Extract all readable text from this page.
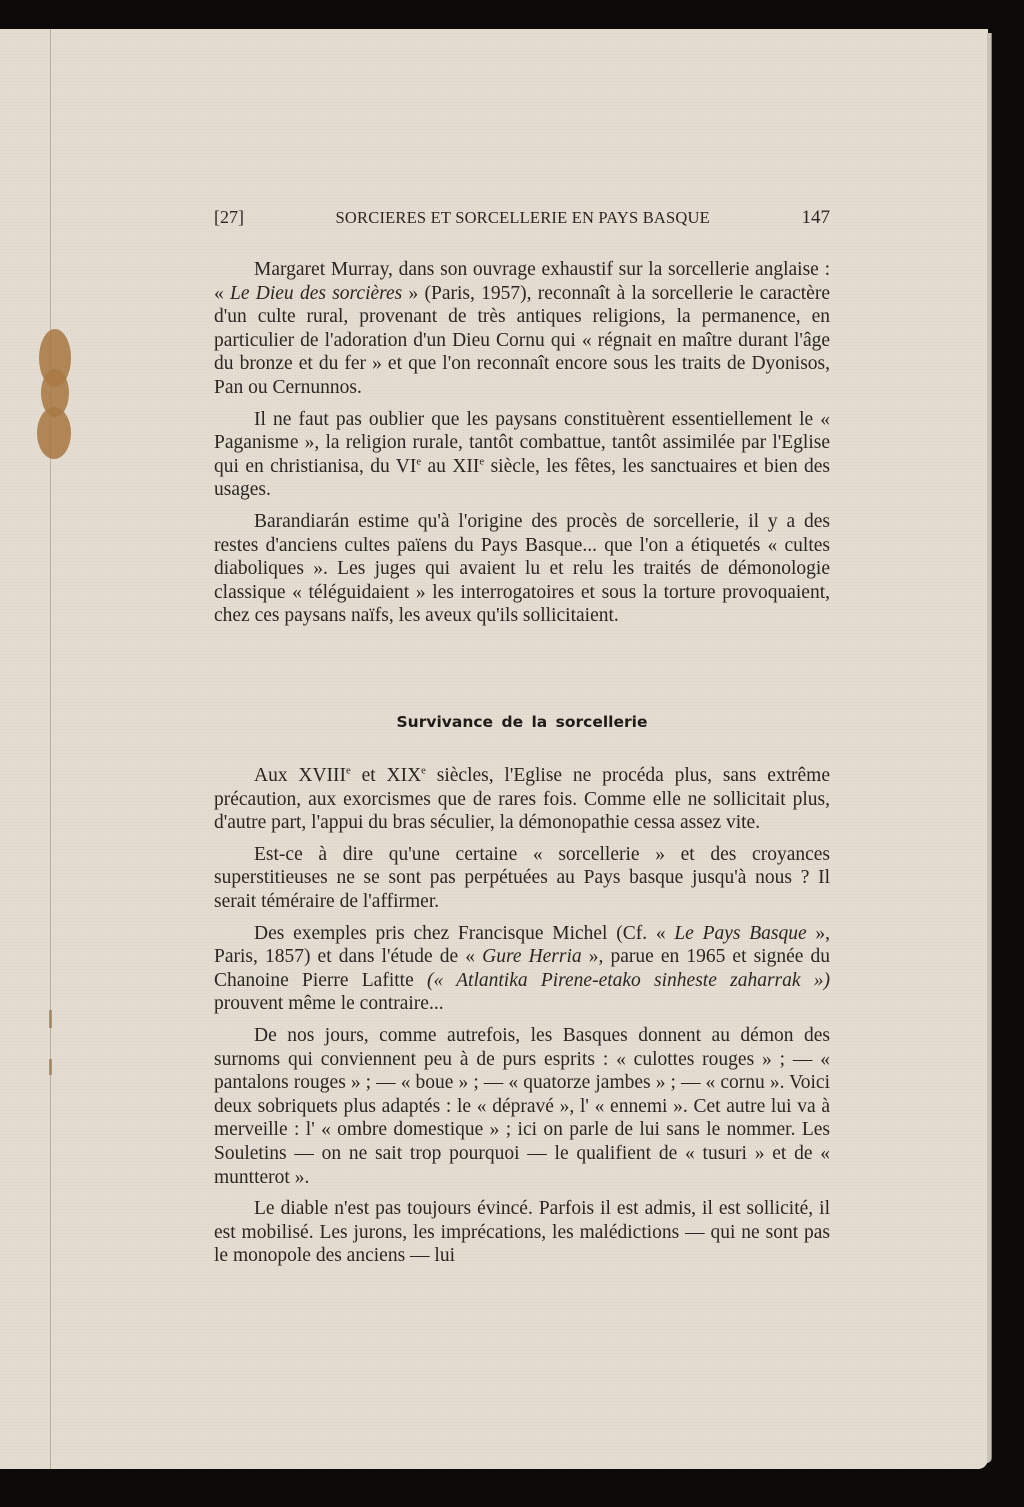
[27]	SORCIERES ET SORCELLERIE EN PAYS BASQUE	147

Margaret Murray, dans son ouvrage exhaustif sur la sorcellerie anglaise : « Le Dieu des sorcières » (Paris, 1957), reconnaît à la sorcellerie le caractère d'un culte rural, provenant de très antiques religions, la permanence, en particulier de l'adoration d'un Dieu Cornu qui « régnait en maître durant l'âge du bronze et du fer » et que l'on reconnaît encore sous les traits de Dyonisos, Pan ou Cernunnos.

Il ne faut pas oublier que les paysans constituèrent essentiellement le « Paganisme », la religion rurale, tantôt combattue, tantôt assimilée par l'Eglise qui en christianisa, du VIe au XIIe siècle, les fêtes, les sanctuaires et bien des usages.

Barandiarán estime qu'à l'origine des procès de sorcellerie, il y a des restes d'anciens cultes païens du Pays Basque... que l'on a étiquetés « cultes diaboliques ». Les juges qui avaient lu et relu les traités de démonologie classique « téléguidaient » les interrogatoires et sous la torture provoquaient, chez ces paysans naïfs, les aveux qu'ils sollicitaient.

Survivance de la sorcellerie

Aux XVIIIe et XIXe siècles, l'Eglise ne procéda plus, sans extrême précaution, aux exorcismes que de rares fois. Comme elle ne sollicitait plus, d'autre part, l'appui du bras séculier, la démonopathie cessa assez vite.

Est-ce à dire qu'une certaine « sorcellerie » et des croyances superstitieuses ne se sont pas perpétuées au Pays basque jusqu'à nous ? Il serait téméraire de l'affirmer.

Des exemples pris chez Francisque Michel (Cf. « Le Pays Basque », Paris, 1857) et dans l'étude de « Gure Herria », parue en 1965 et signée du Chanoine Pierre Lafitte (« Atlantika Pirene-etako sinheste zaharrak ») prouvent même le contraire...

De nos jours, comme autrefois, les Basques donnent au démon des surnoms qui conviennent peu à de purs esprits : « culottes rouges » ; — « pantalons rouges » ; — « boue » ; — « quatorze jambes » ; — « cornu ». Voici deux sobriquets plus adaptés : le « dépravé », l' « ennemi ». Cet autre lui va à merveille : l' « ombre domestique » ; ici on parle de lui sans le nommer. Les Souletins — on ne sait trop pourquoi — le qualifient de « tusuri » et de « muntterot ».

Le diable n'est pas toujours évincé. Parfois il est admis, il est sollicité, il est mobilisé. Les jurons, les imprécations, les malédictions — qui ne sont pas le monopole des anciens — lui
